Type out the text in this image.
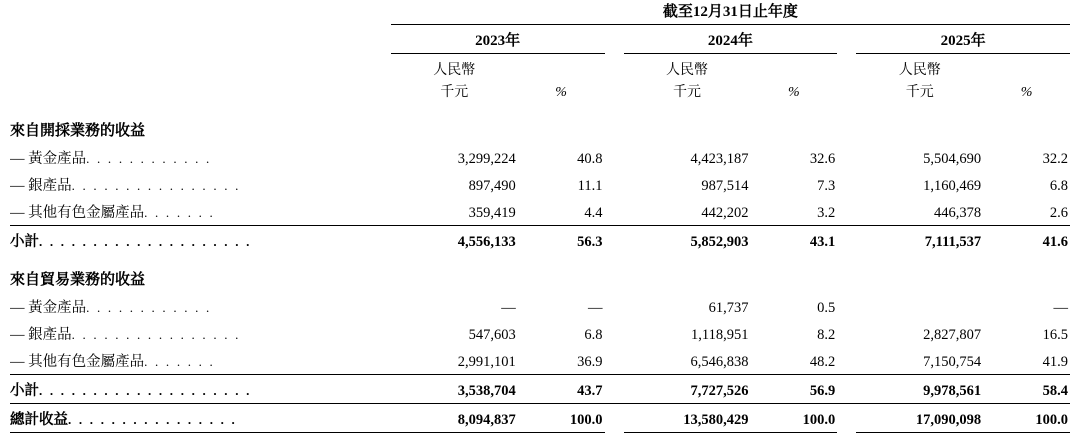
	截至12月31日止年度							
	2023年			2024年			2025年	
	人民幣			人民幣			人民幣	
	千元	%		千元	%		千元	%
來自開採業務的收益								
— 黃金產品. . . . . . . . . . . .	3,299,224	40.8		4,423,187	32.6		5,504,690	32.2
— 銀產品. . . . . . . . . . . . . . . .	897,490	11.1		987,514	7.3		1,160,469	6.8
— 其他有色金屬產品. . . . . . .	359,419	4.4		442,202	3.2		446,378	2.6
小計. . . . . . . . . . . . . . . . . . . .	4,556,133	56.3		5,852,903	43.1		7,111,537	41.6
來自貿易業務的收益								
— 黃金產品. . . . . . . . . . . .	—	—		61,737	0.5			—
— 銀產品. . . . . . . . . . . . . . . .	547,603	6.8		1,118,951	8.2		2,827,807	16.5
— 其他有色金屬產品. . . . . . .	2,991,101	36.9		6,546,838	48.2		7,150,754	41.9
小計. . . . . . . . . . . . . . . . . . . .	3,538,704	43.7		7,727,526	56.9		9,978,561	58.4
總計收益. . . . . . . . . . . . . . . .	8,094,837	100.0		13,580,429	100.0		17,090,098	100.0
